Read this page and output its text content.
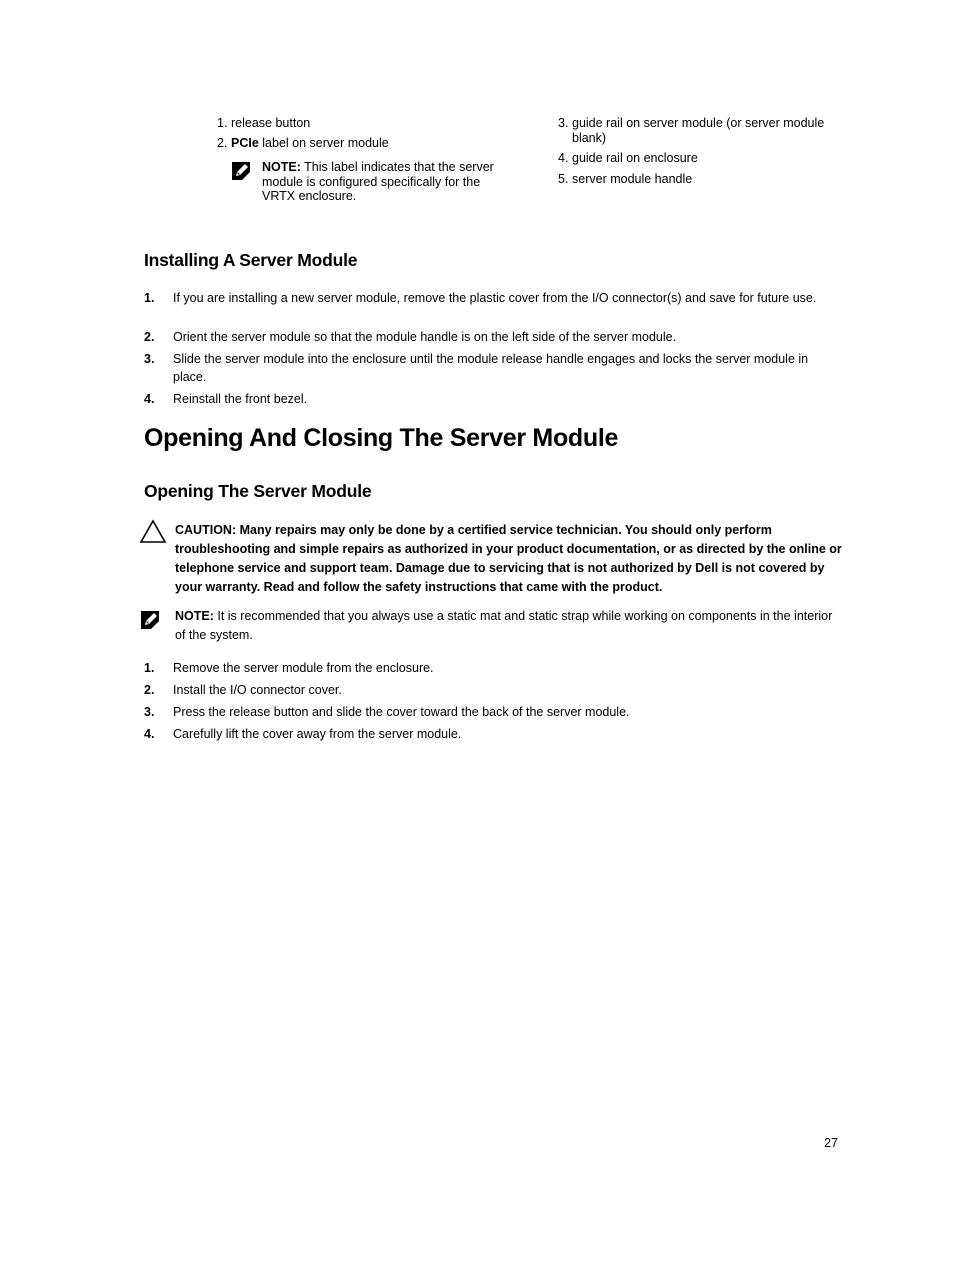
1. release button
2. PCIe label on server module
NOTE: This label indicates that the server module is configured specifically for the VRTX enclosure.
3. guide rail on server module (or server module blank)
4. guide rail on enclosure
5. server module handle
Installing A Server Module
1. If you are installing a new server module, remove the plastic cover from the I/O connector(s) and save for future use.
2. Orient the server module so that the module handle is on the left side of the server module.
3. Slide the server module into the enclosure until the module release handle engages and locks the server module in place.
4. Reinstall the front bezel.
Opening And Closing The Server Module
Opening The Server Module
CAUTION: Many repairs may only be done by a certified service technician. You should only perform troubleshooting and simple repairs as authorized in your product documentation, or as directed by the online or telephone service and support team. Damage due to servicing that is not authorized by Dell is not covered by your warranty. Read and follow the safety instructions that came with the product.
NOTE: It is recommended that you always use a static mat and static strap while working on components in the interior of the system.
1. Remove the server module from the enclosure.
2. Install the I/O connector cover.
3. Press the release button and slide the cover toward the back of the server module.
4. Carefully lift the cover away from the server module.
27
